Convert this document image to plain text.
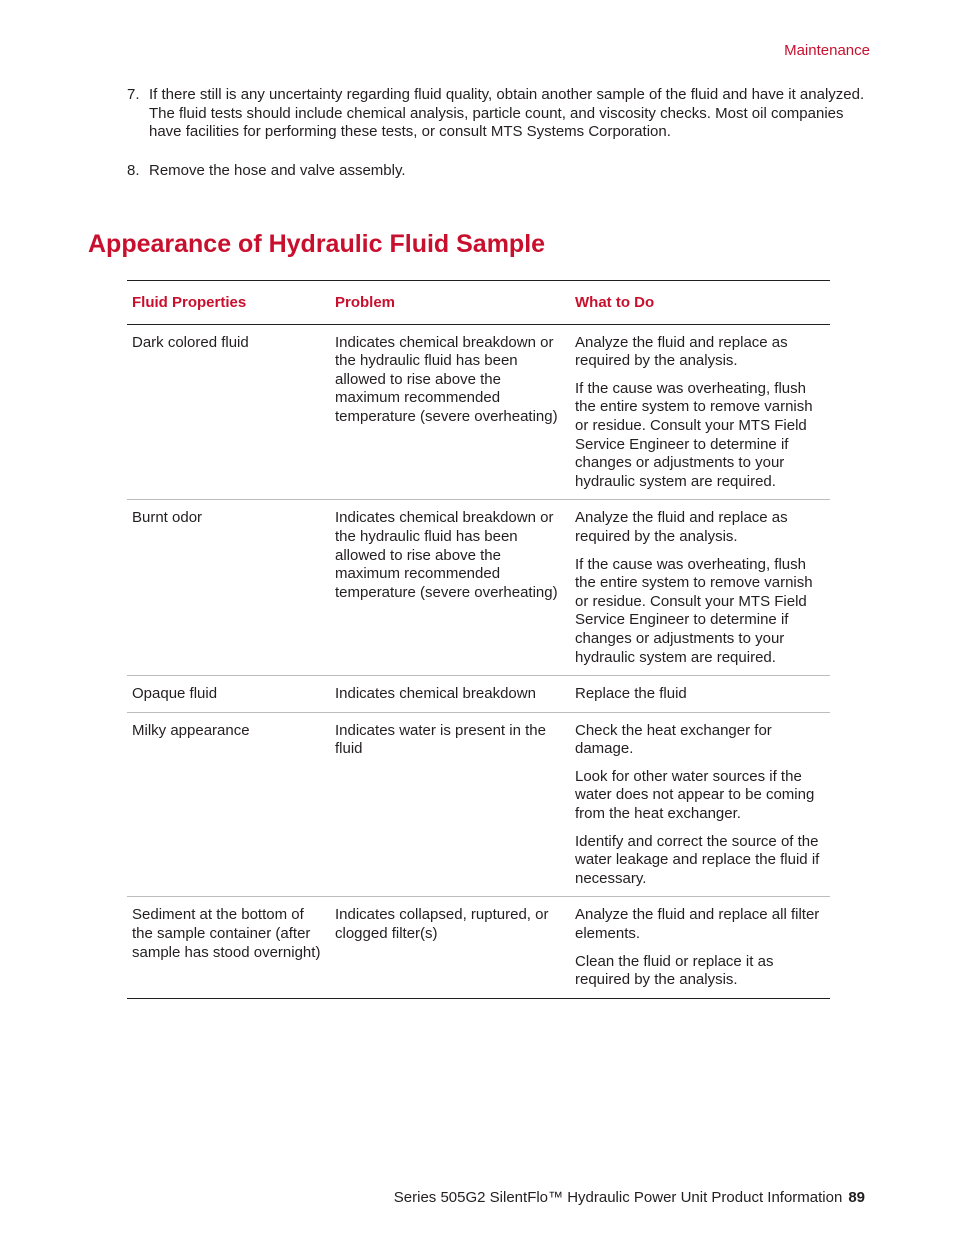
Maintenance
7. If there still is any uncertainty regarding fluid quality, obtain another sample of the fluid and have it analyzed. The fluid tests should include chemical analysis, particle count, and viscosity checks. Most oil companies have facilities for performing these tests, or consult MTS Systems Corporation.
8. Remove the hose and valve assembly.
Appearance of Hydraulic Fluid Sample
Fluid Properties	Problem	What to Do
Dark colored fluid	Indicates chemical breakdown or the hydraulic fluid has been allowed to rise above the maximum recommended temperature (severe overheating)	Analyze the fluid and replace as required by the analysis.

If the cause was overheating, flush the entire system to remove varnish or residue. Consult your MTS Field Service Engineer to determine if changes or adjustments to your hydraulic system are required.

Burnt odor	Indicates chemical breakdown or the hydraulic fluid has been allowed to rise above the maximum recommended temperature (severe overheating)	Analyze the fluid and replace as required by the analysis.

If the cause was overheating, flush the entire system to remove varnish or residue. Consult your MTS Field Service Engineer to determine if changes or adjustments to your hydraulic system are required.

Opaque fluid	Indicates chemical breakdown	Replace the fluid

Milky appearance	Indicates water is present in the fluid	Check the heat exchanger for damage.

Look for other water sources if the water does not appear to be coming from the heat exchanger.

Identify and correct the source of the water leakage and replace the fluid if necessary.

Sediment at the bottom of the sample container (after sample has stood overnight)	Indicates collapsed, ruptured, or clogged filter(s)	Analyze the fluid and replace all filter elements.

Clean the fluid or replace it as required by the analysis.

Series 505G2 SilentFlo™ Hydraulic Power Unit Product Information 89
